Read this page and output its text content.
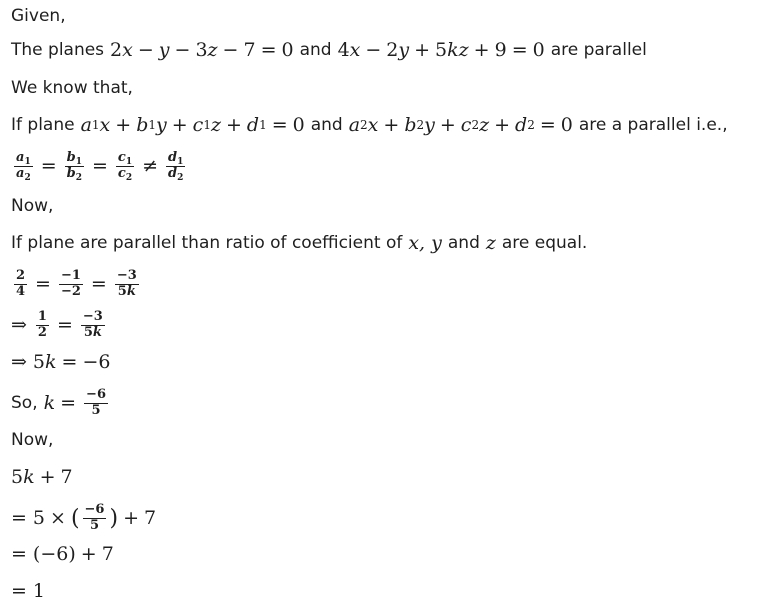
Given,
The planes 2 x − y − 3 z − 7 = 0 and 4 x − 2 y + 5 kz + 9 = 0 are parallel
We know that,
If plane a 1 x + b 1 y + c 1 z + d 1 = 0 and a 2 x + b 2 y + c 2 z + d 2 = 0 are a parallel i.e.,
$\frac{a_1}{a_2} = \frac{b_1}{b_2} = \frac{c_1}{c_2} \ne \frac{d_1}{d_2}$
Now,
If plane are parallel than ratio of coefficient of x, y and z are equal.
$\frac{2}{4} = \frac{-1}{-2} = \frac{-3}{5k}$
⇒ $\frac{1}{2} = \frac{-3}{5k}$
⇒ 5 k = −6
So, $k = \frac{-6}{5}$
Now,
5 k + 7
= 5 × ( $\frac{-6}{5}$ ) + 7
= (−6) + 7
= 1
